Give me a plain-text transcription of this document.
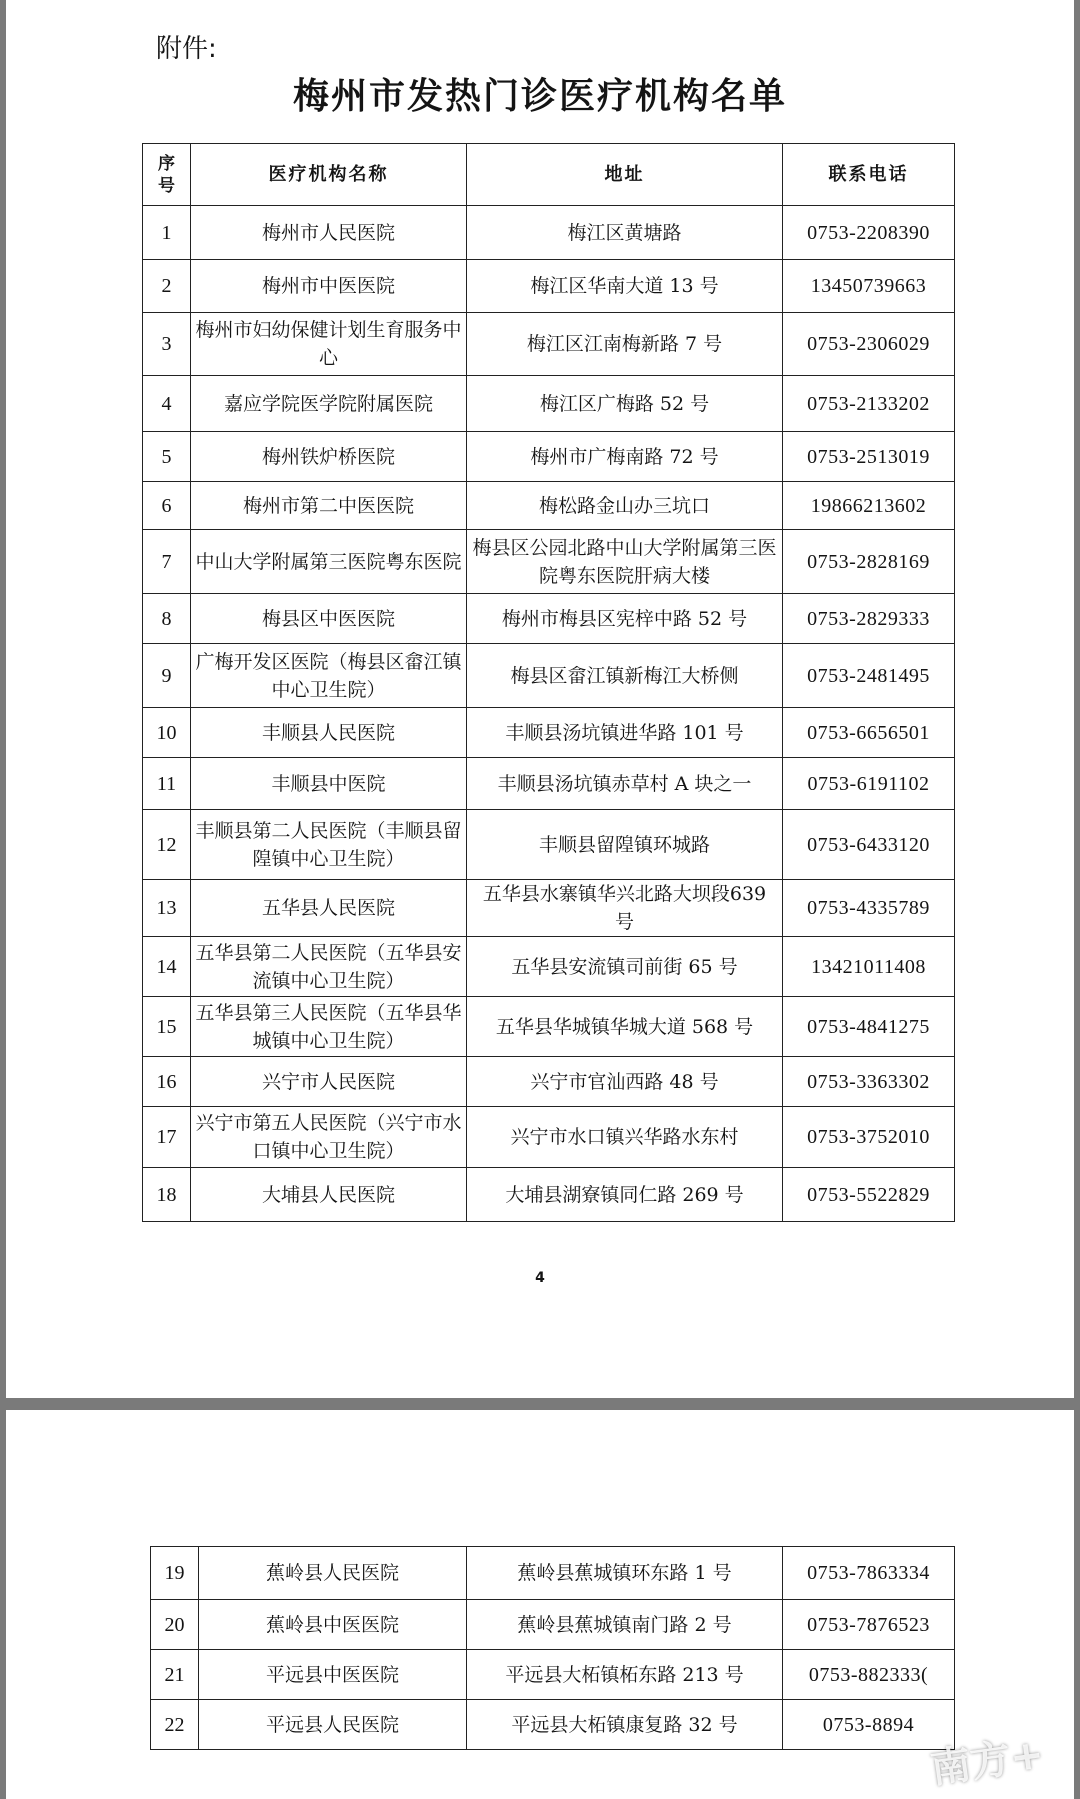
附件:
梅州市发热门诊医疗机构名单
序
号	医疗机构名称	地址	联系电话
1	梅州市人民医院	梅江区黄塘路	0753-2208390
2	梅州市中医医院	梅江区华南大道 13 号	13450739663
3	梅州市妇幼保健计划生育服务中心	梅江区江南梅新路 7 号	0753-2306029
4	嘉应学院医学院附属医院	梅江区广梅路 52 号	0753-2133202
5	梅州铁炉桥医院	梅州市广梅南路 72 号	0753-2513019
6	梅州市第二中医医院	梅松路金山办三坑口	19866213602
7	中山大学附属第三医院粤东医院	梅县区公园北路中山大学附属第三医院粤东医院肝病大楼	0753-2828169
8	梅县区中医医院	梅州市梅县区宪梓中路 52 号	0753-2829333
9	广梅开发区医院（梅县区畲江镇中心卫生院）	梅县区畲江镇新梅江大桥侧	0753-2481495
10	丰顺县人民医院	丰顺县汤坑镇进华路 101 号	0753-6656501
11	丰顺县中医院	丰顺县汤坑镇赤草村 A 块之一	0753-6191102
12	丰顺县第二人民医院（丰顺县留隍镇中心卫生院）	丰顺县留隍镇环城路	0753-6433120
13	五华县人民医院	五华县水寨镇华兴北路大坝段639 号	0753-4335789
14	五华县第二人民医院（五华县安流镇中心卫生院）	五华县安流镇司前街 65 号	13421011408
15	五华县第三人民医院（五华县华城镇中心卫生院）	五华县华城镇华城大道 568 号	0753-4841275
16	兴宁市人民医院	兴宁市官汕西路 48 号	0753-3363302
17	兴宁市第五人民医院（兴宁市水口镇中心卫生院）	兴宁市水口镇兴华路水东村	0753-3752010
18	大埔县人民医院	大埔县湖寮镇同仁路 269 号	0753-5522829
4
19	蕉岭县人民医院	蕉岭县蕉城镇环东路 1 号	0753-7863334
20	蕉岭县中医医院	蕉岭县蕉城镇南门路 2 号	0753-7876523
21	平远县中医医院	平远县大柘镇柘东路 213 号	0753-882333(
22	平远县人民医院	平远县大柘镇康复路 32 号	0753-8894
南方+
